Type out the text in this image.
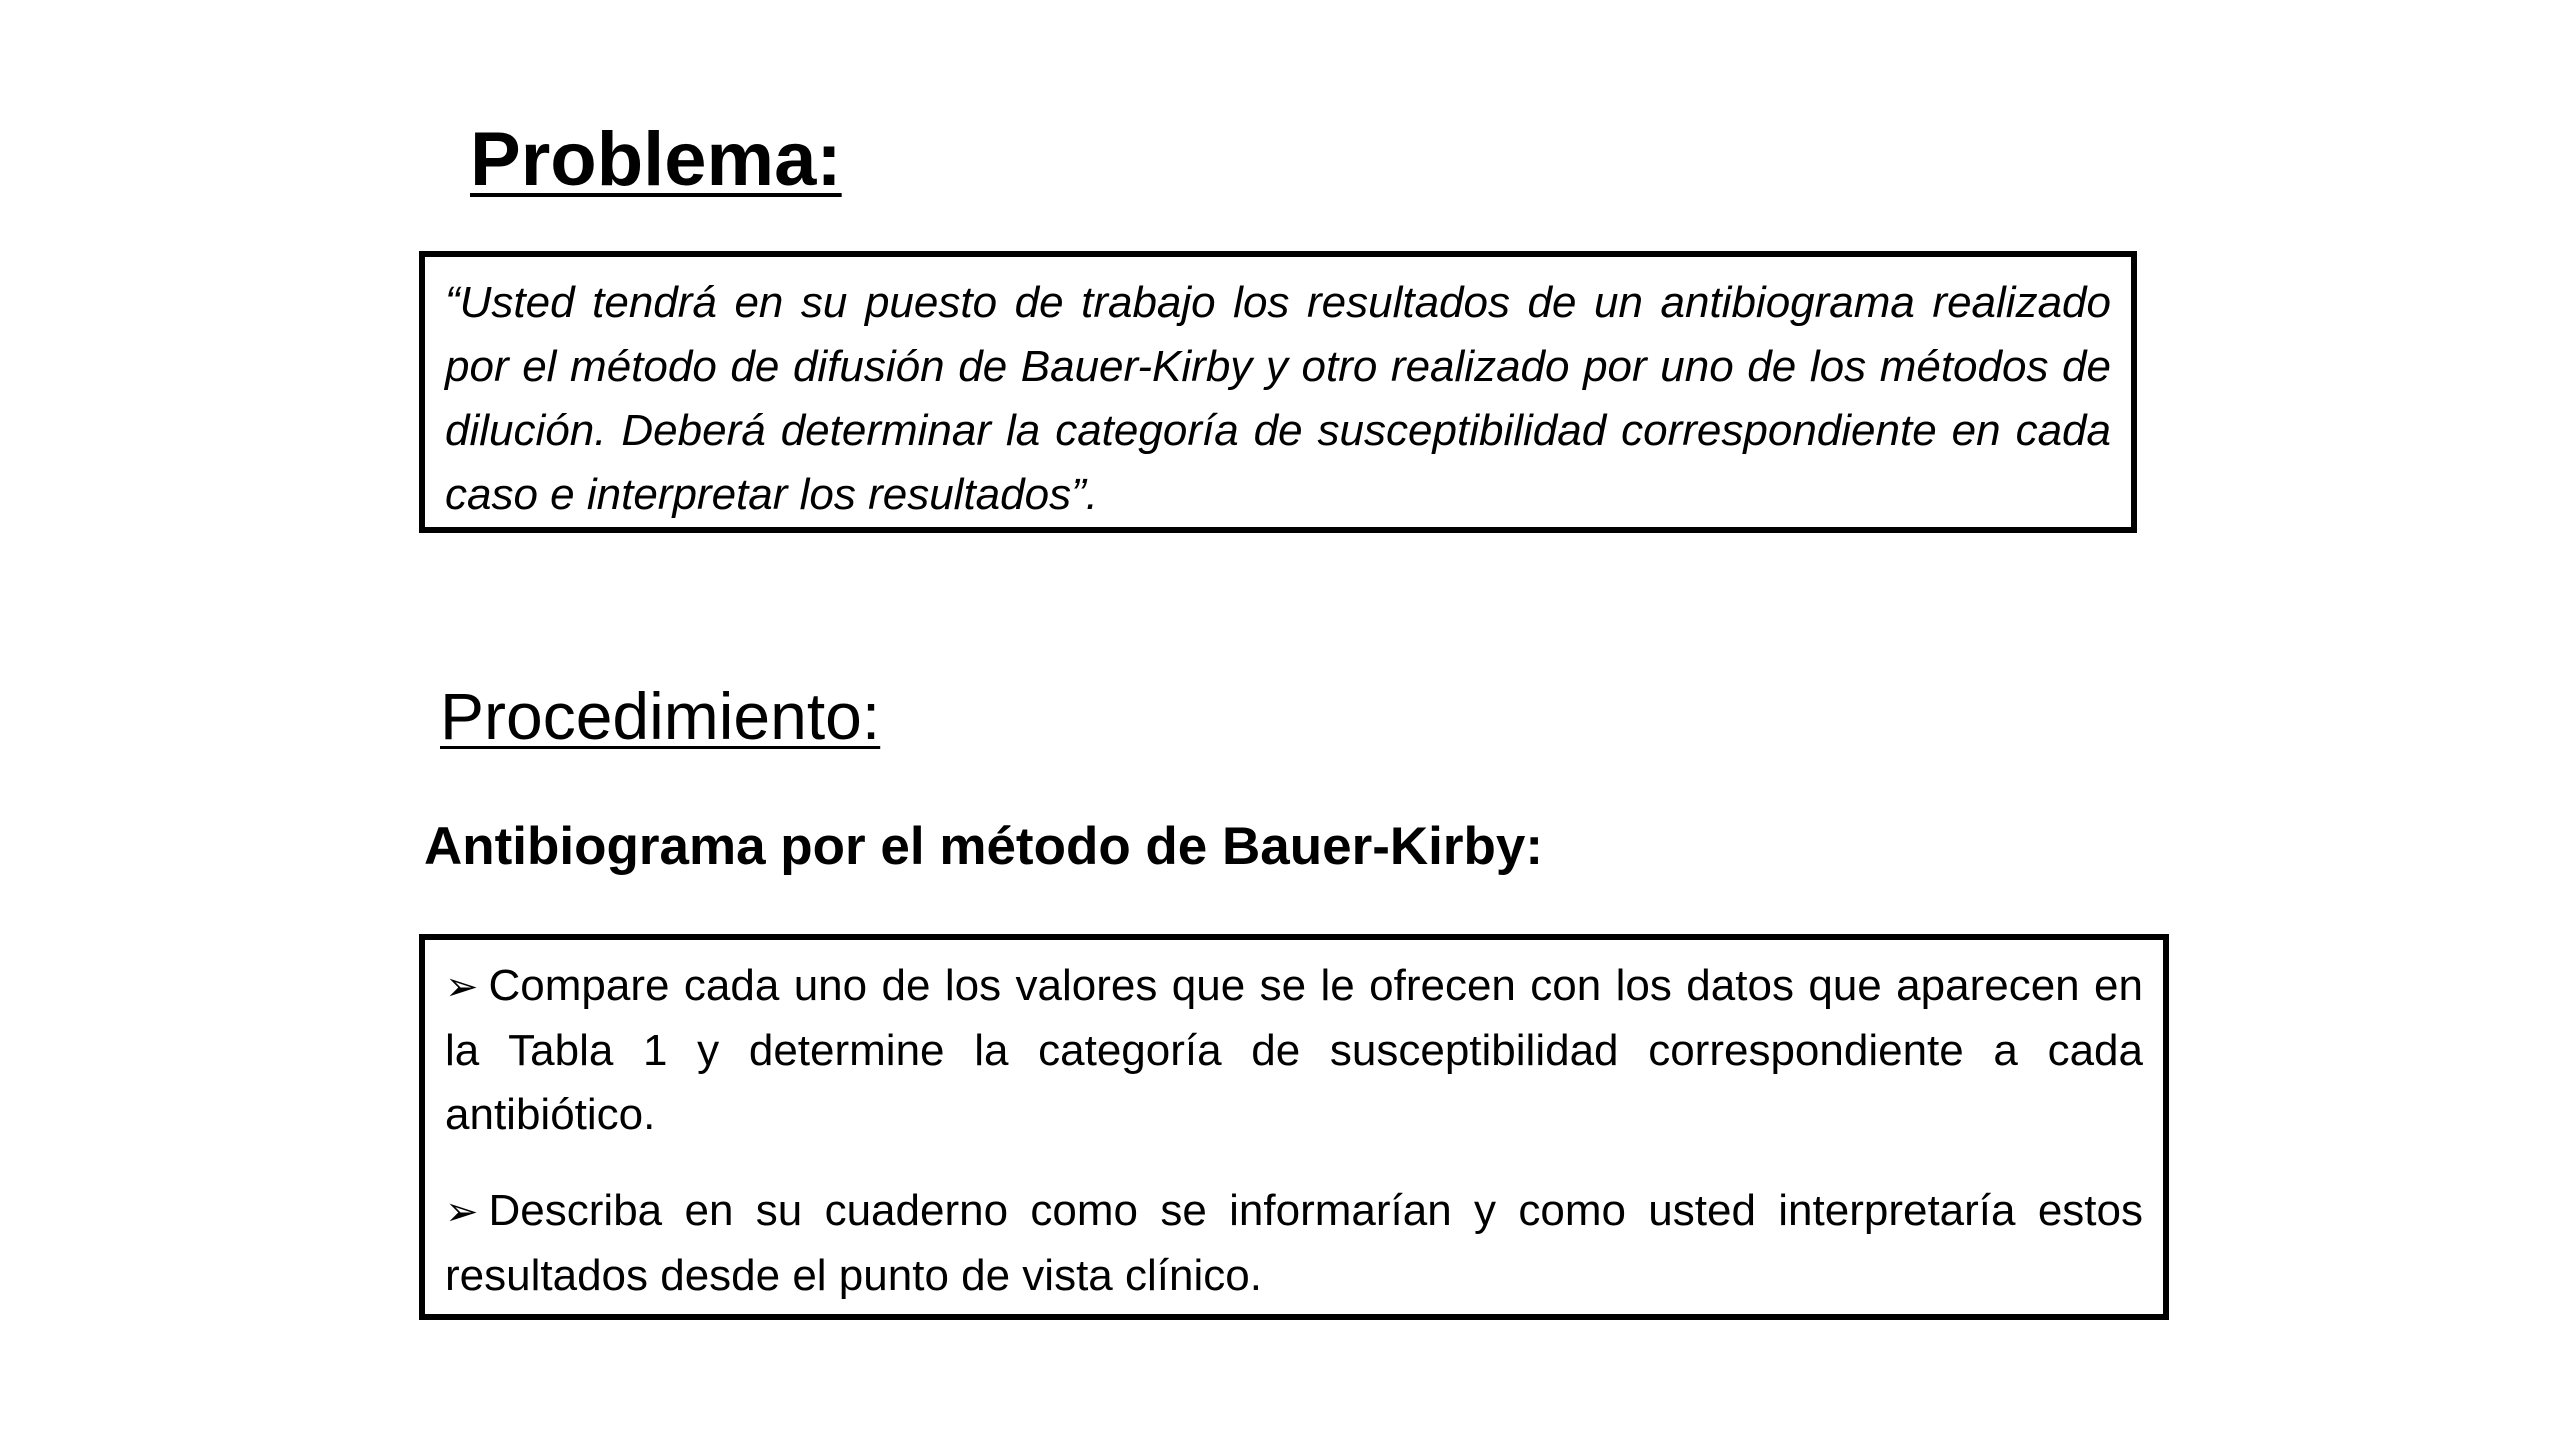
Problema:

“Usted tendrá en su puesto de trabajo los resultados de un antibiograma realizado por el método de difusión de Bauer-Kirby y otro realizado por uno de los métodos de dilución. Deberá determinar la categoría de susceptibilidad correspondiente en cada caso e interpretar los resultados”.

Procedimiento:
Antibiograma por el método de Bauer-Kirby:

➢ Compare cada uno de los valores que se le ofrecen con los datos que aparecen en la Tabla 1 y determine la categoría de susceptibilidad correspondiente a cada antibiótico.

➢ Describa en su cuaderno como se informarían y como usted interpretaría estos resultados desde el punto de vista clínico.
